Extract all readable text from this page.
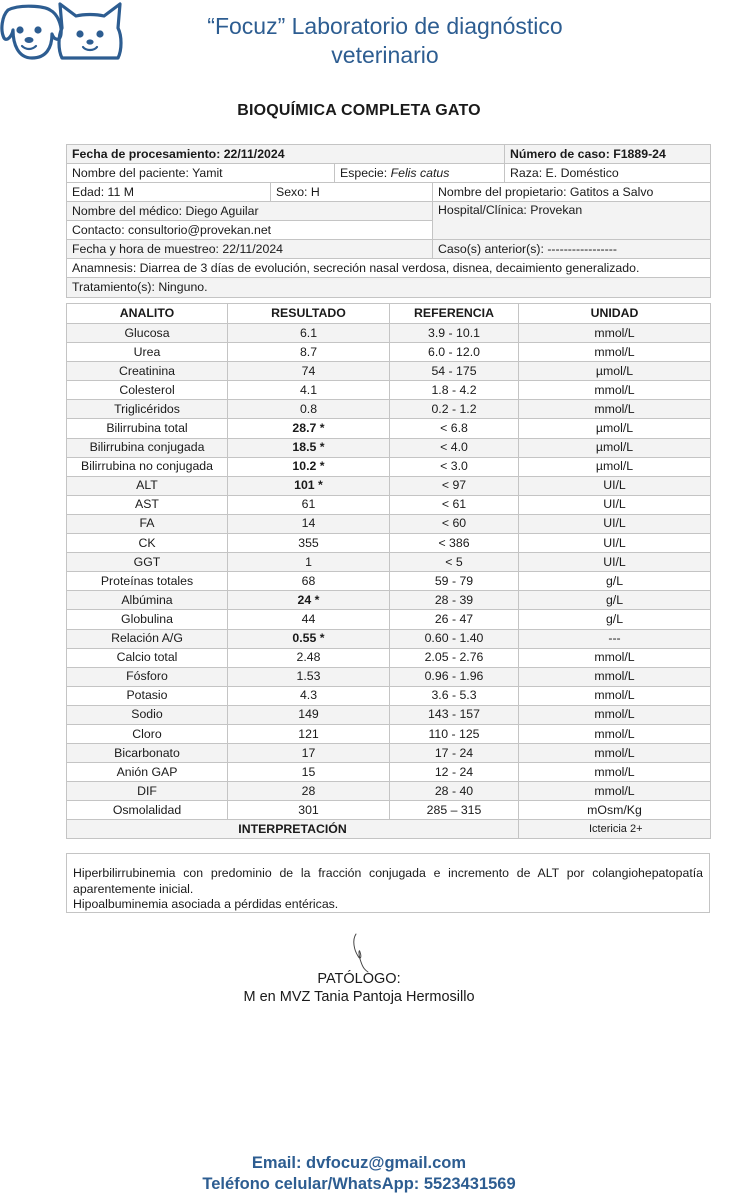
“Focuz” Laboratorio de diagnóstico
veterinario
BIOQUÍMICA COMPLETA GATO
Fecha de procesamiento: 22/11/2024				Número de caso: F1889-24
Nombre del paciente: Yamit		Especie: Felis catus		Raza: E. Doméstico
Edad: 11 M	Sexo: H		Nombre del propietario: Gatitos a Salvo	
Nombre del médico: Diego Aguilar			Hospital/Clínica: Provekan	
Contacto: consultorio@provekan.net				
Fecha y hora de muestreo: 22/11/2024			Caso(s) anterior(s): -----------------	
Anamnesis: Diarrea de 3 días de evolución, secreción nasal verdosa, disnea, decaimiento generalizado.				
Tratamiento(s): Ninguno.				
ANALITO	RESULTADO	REFERENCIA	UNIDAD
Glucosa	6.1	3.9 - 10.1	mmol/L
Urea	8.7	6.0 - 12.0	mmol/L
Creatinina	74	54 - 175	µmol/L
Colesterol	4.1	1.8 - 4.2	mmol/L
Triglicéridos	0.8	0.2 - 1.2	mmol/L
Bilirrubina total	28.7 *	< 6.8	µmol/L
Bilirrubina conjugada	18.5 *	< 4.0	µmol/L
Bilirrubina no conjugada	10.2 *	< 3.0	µmol/L
ALT	101 *	< 97	UI/L
AST	61	< 61	UI/L
FA	14	< 60	UI/L
CK	355	< 386	UI/L
GGT	1	< 5	UI/L
Proteínas totales	68	59 - 79	g/L
Albúmina	24 *	28 - 39	g/L
Globulina	44	26 - 47	g/L
Relación A/G	0.55 *	0.60 - 1.40	---
Calcio total	2.48	2.05 - 2.76	mmol/L
Fósforo	1.53	0.96 - 1.96	mmol/L
Potasio	4.3	3.6 - 5.3	mmol/L
Sodio	149	143 - 157	mmol/L
Cloro	121	110 - 125	mmol/L
Bicarbonato	17	17 - 24	mmol/L
Anión GAP	15	12 - 24	mmol/L
DIF	28	28 - 40	mmol/L
Osmolalidad	301	285 – 315	mOsm/Kg
INTERPRETACIÓN			Ictericia 2+

Hiperbilirrubinemia con predominio de la fracción conjugada e incremento de ALT por colangiohepatopatía aparentemente inicial.

Hipoalbuminemia asociada a pérdidas entéricas.

PATÓLOGO:
M en MVZ Tania Pantoja Hermosillo
Email: dvfocuz@gmail.com
Teléfono celular/WhatsApp: 5523431569
